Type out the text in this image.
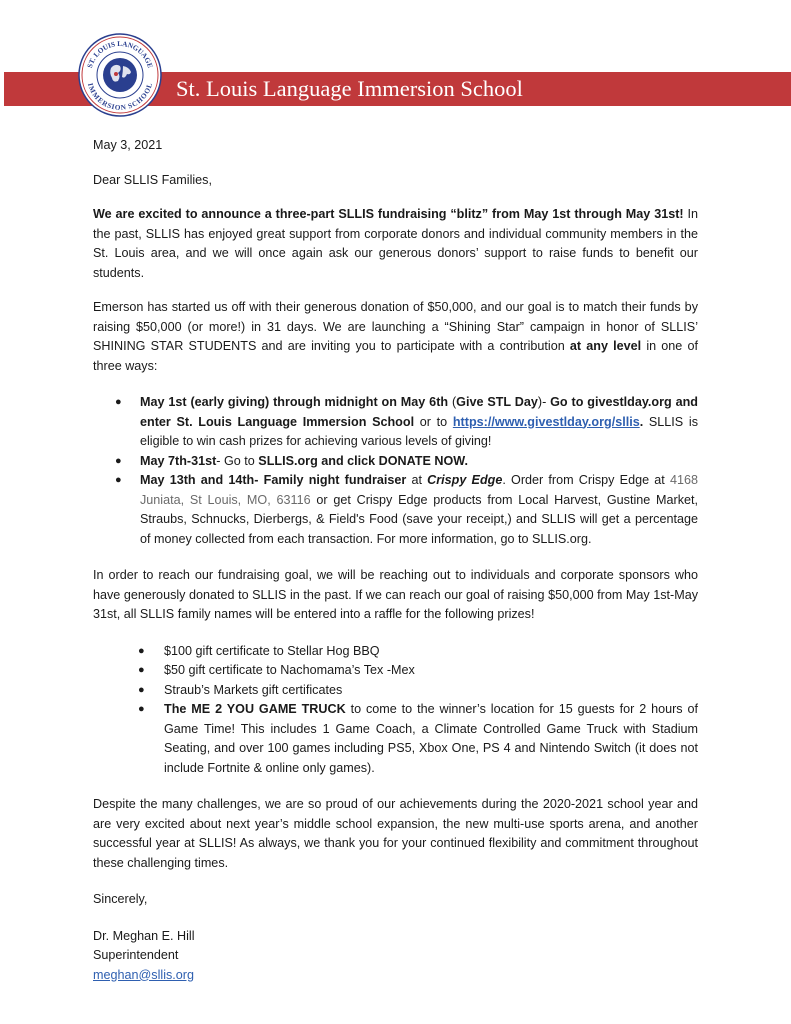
St. Louis Language Immersion School
ST. LOUIS LANGUAGE
IMMERSION SCHOOL

May 3, 2021

Dear SLLIS Families,

We are excited to announce a three-part SLLIS fundraising “blitz” from May 1st through May 31st! In the past, SLLIS has enjoyed great support from corporate donors and individual community members in the St. Louis area, and we will once again ask our generous donors’ support to raise funds to benefit our students.

Emerson has started us off with their generous donation of $50,000, and our goal is to match their funds by raising $50,000 (or more!) in 31 days. We are launching a “Shining Star” campaign in honor of SLLIS’ SHINING STAR STUDENTS and are inviting you to participate with a contribution at any level in one of three ways:

● May 1st (early giving) through midnight on May 6th (Give STL Day)- Go to givestlday.org and enter St. Louis Language Immersion School or to https://www.givestlday.org/sllis. SLLIS is eligible to win cash prizes for achieving various levels of giving!
● May 7th-31st- Go to SLLIS.org and click DONATE NOW.
● May 13th and 14th- Family night fundraiser at Crispy Edge. Order from Crispy Edge at 4168 Juniata, St Louis, MO, 63116 or get Crispy Edge products from Local Harvest, Gustine Market, Straubs, Schnucks, Dierbergs, & Field's Food (save your receipt,) and SLLIS will get a percentage of money collected from each transaction. For more information, go to SLLIS.org.

In order to reach our fundraising goal, we will be reaching out to individuals and corporate sponsors who have generously donated to SLLIS in the past. If we can reach our goal of raising $50,000 from May 1st-May 31st, all SLLIS family names will be entered into a raffle for the following prizes!

● $100 gift certificate to Stellar Hog BBQ
● $50 gift certificate to Nachomama’s Tex -Mex
● Straub’s Markets gift certificates
● The ME 2 YOU GAME TRUCK to come to the winner’s location for 15 guests for 2 hours of Game Time! This includes 1 Game Coach, a Climate Controlled Game Truck with Stadium Seating, and over 100 games including PS5, Xbox One, PS 4 and Nintendo Switch (it does not include Fortnite & online only games).

Despite the many challenges, we are so proud of our achievements during the 2020-2021 school year and are very excited about next year’s middle school expansion, the new multi-use sports arena, and another successful year at SLLIS! As always, we thank you for your continued flexibility and commitment throughout these challenging times.

Sincerely,

Dr. Meghan E. Hill

Superintendent

meghan@sllis.org
